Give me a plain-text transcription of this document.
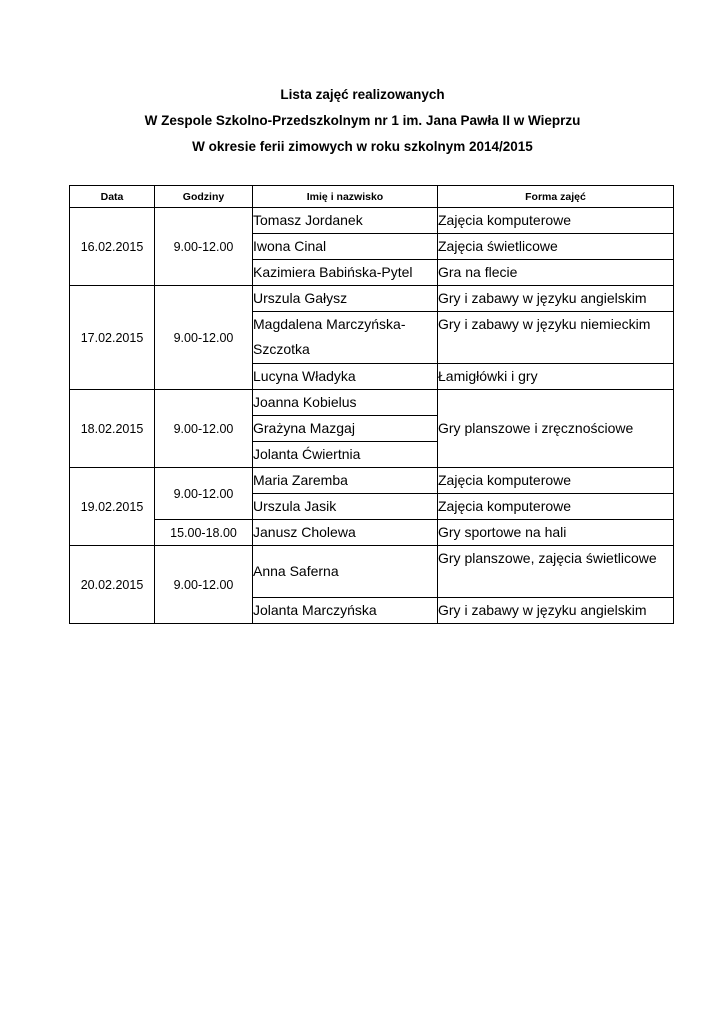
Lista zajęć realizowanych
W Zespole Szkolno-Przedszkolnym nr 1 im. Jana Pawła II w Wieprzu
W okresie ferii zimowych w roku szkolnym 2014/2015
Data	Godziny	Imię i nazwisko	Forma zajęć
16.02.2015	9.00-12.00	Tomasz Jordanek	Zajęcia komputerowe
		Iwona Cinal	Zajęcia świetlicowe
		Kazimiera Babińska-Pytel	Gra na flecie
17.02.2015	9.00-12.00	Urszula Gałysz	Gry i zabawy w języku angielskim
		Magdalena Marczyńska-Szczotka	Gry i zabawy w języku niemieckim
		Lucyna Władyka	Łamigłówki i gry
18.02.2015	9.00-12.00	Joanna Kobielus	Gry planszowe i zręcznościowe
		Grażyna Mazgaj	
		Jolanta Ćwiertnia	
19.02.2015	9.00-12.00	Maria Zaremba	Zajęcia komputerowe
		Urszula Jasik	Zajęcia komputerowe
	15.00-18.00	Janusz Cholewa	Gry sportowe na hali
20.02.2015	9.00-12.00	Anna Saferna	Gry planszowe, zajęcia świetlicowe
		Jolanta Marczyńska	Gry i zabawy w języku angielskim
